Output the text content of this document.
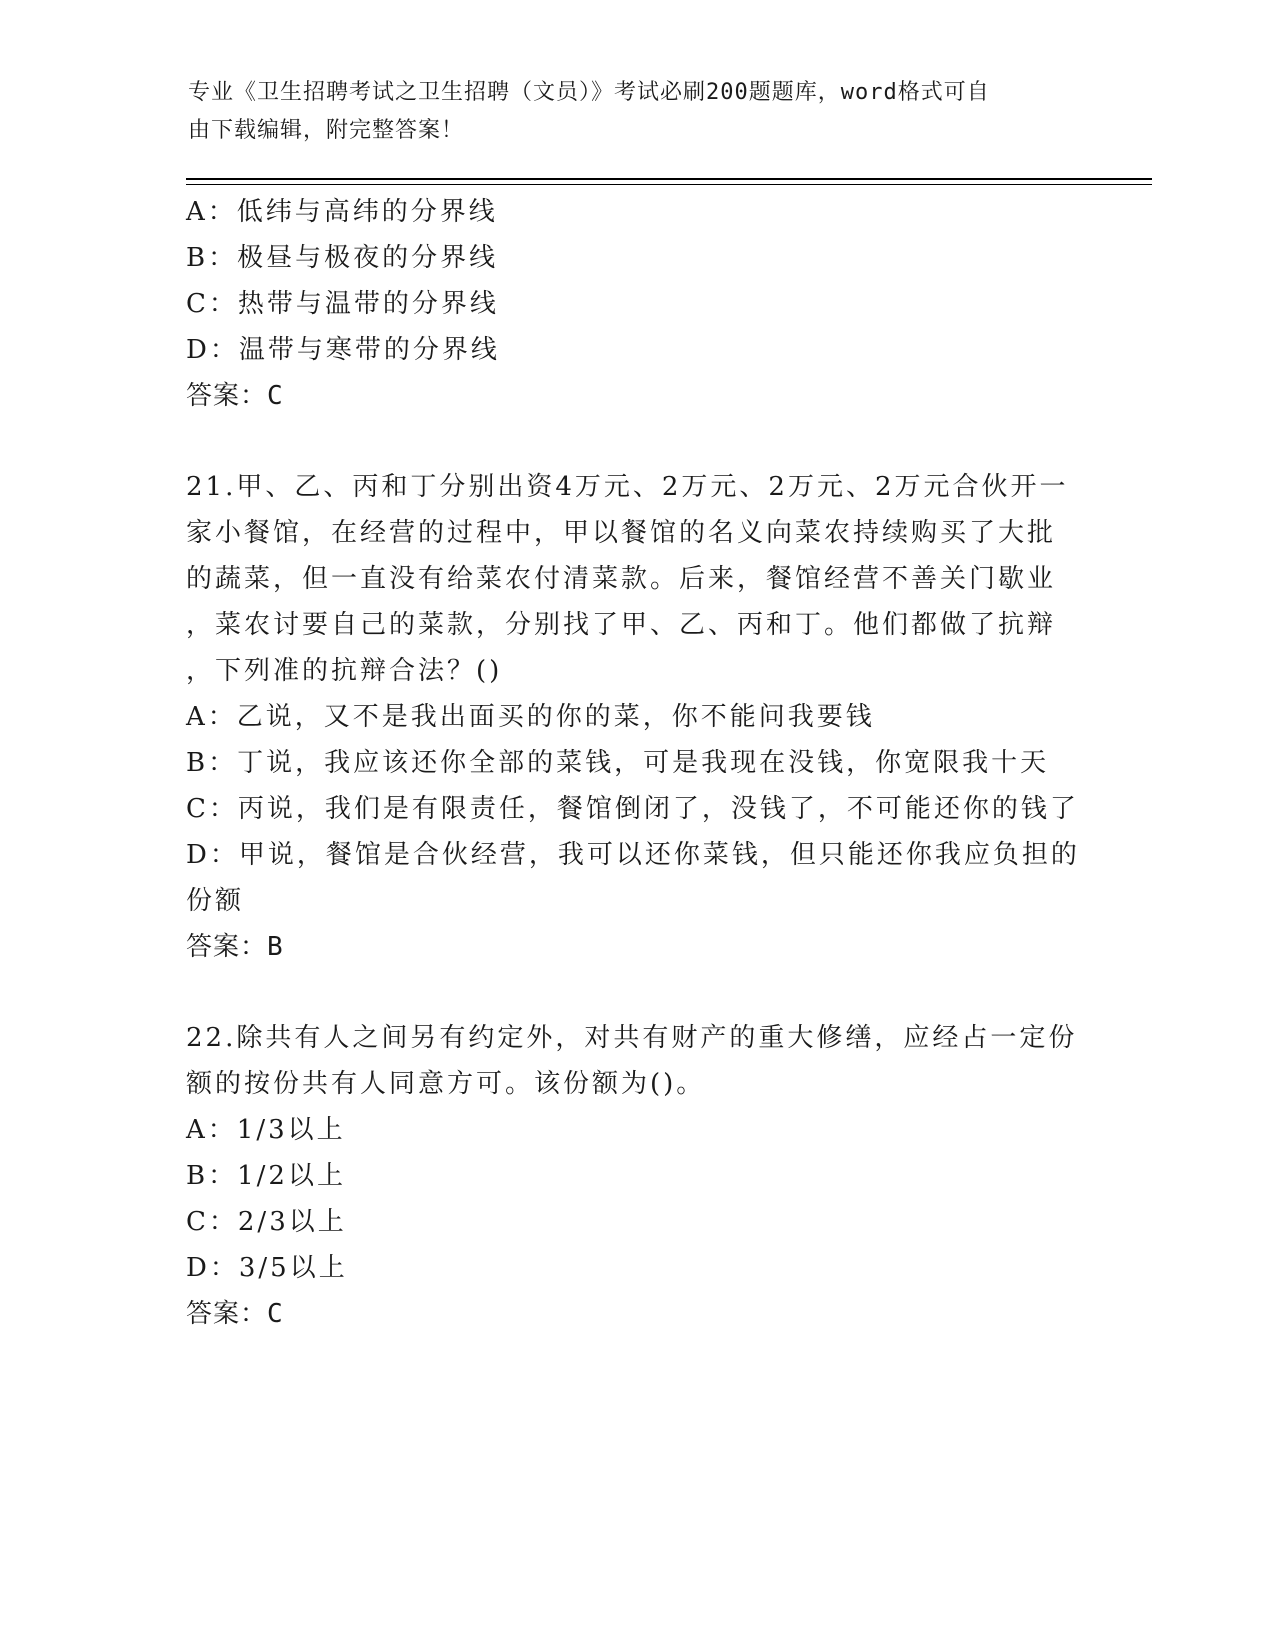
专业《卫生招聘考试之卫生招聘（文员）》考试必刷200题题库，word格式可自
由下载编辑，附完整答案！
A：低纬与高纬的分界线
B：极昼与极夜的分界线
C：热带与温带的分界线
D：温带与寒带的分界线
答案：C
21.甲、乙、丙和丁分别出资4万元、2万元、2万元、2万元合伙开一
家小餐馆，在经营的过程中，甲以餐馆的名义向菜农持续购买了大批
的蔬菜，但一直没有给菜农付清菜款。后来，餐馆经营不善关门歇业
，菜农讨要自己的菜款，分别找了甲、乙、丙和丁。他们都做了抗辩
，下列准的抗辩合法？()
A：乙说，又不是我出面买的你的菜，你不能问我要钱
B：丁说，我应该还你全部的菜钱，可是我现在没钱，你宽限我十天
C：丙说，我们是有限责任，餐馆倒闭了，没钱了，不可能还你的钱了
D：甲说，餐馆是合伙经营，我可以还你菜钱，但只能还你我应负担的
份额
答案：B
22.除共有人之间另有约定外，对共有财产的重大修缮，应经占一定份
额的按份共有人同意方可。该份额为()。
A：1/3以上
B：1/2以上
C：2/3以上
D：3/5以上
答案：C
